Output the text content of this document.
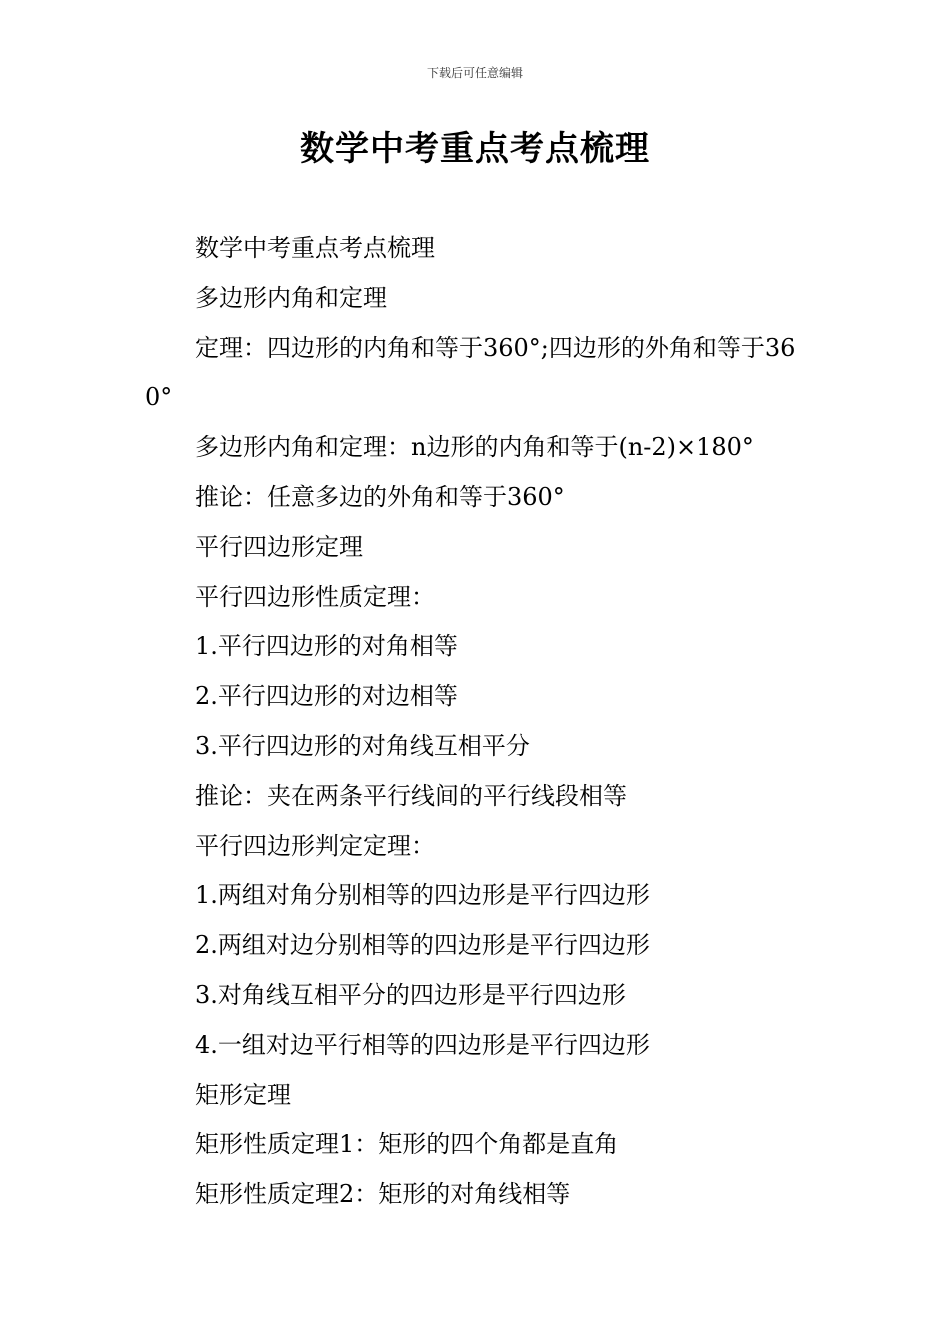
下载后可任意编辑
数学中考重点考点梳理

数学中考重点考点梳理

多边形内角和定理

定理：四边形的内角和等于360°;四边形的外角和等于360°

多边形内角和定理：n边形的内角和等于(n-2)×180°

推论：任意多边的外角和等于360°

平行四边形定理

平行四边形性质定理：

1.平行四边形的对角相等

2.平行四边形的对边相等

3.平行四边形的对角线互相平分

推论：夹在两条平行线间的平行线段相等

平行四边形判定定理：

1.两组对角分别相等的四边形是平行四边形

2.两组对边分别相等的四边形是平行四边形

3.对角线互相平分的四边形是平行四边形

4.一组对边平行相等的四边形是平行四边形

矩形定理

矩形性质定理1：矩形的四个角都是直角

矩形性质定理2：矩形的对角线相等
